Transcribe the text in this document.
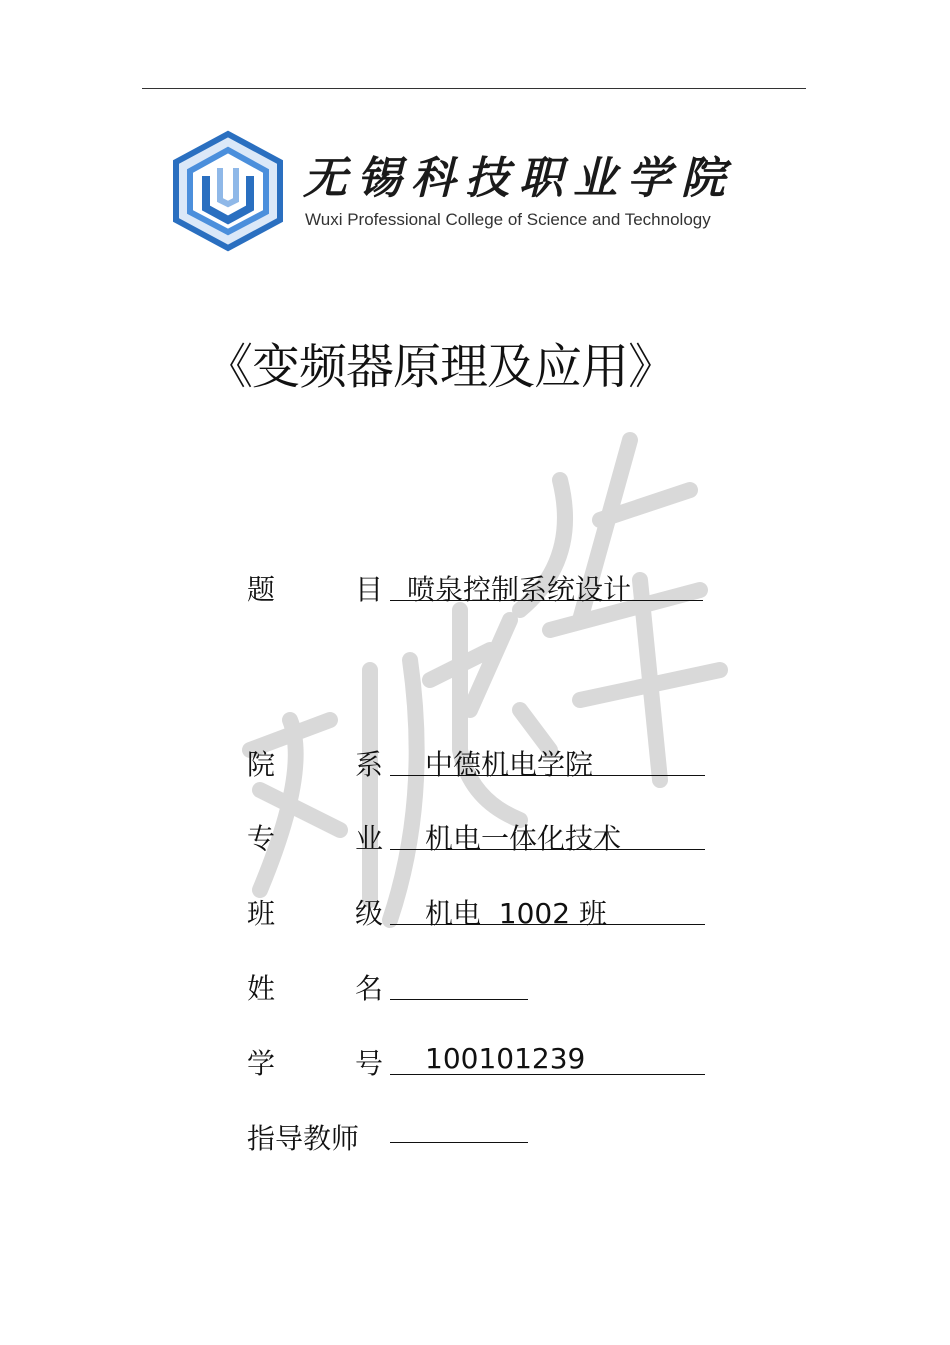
无锡科技职业学院
Wuxi Professional College of Science and Technology
《变频器原理及应用》
题	目 喷泉控制系统设计
院	系 中德机电学院
专	业 机电一体化技术
班	级 机电  1002 班
姓	名
学	号 100101239
指导教师
